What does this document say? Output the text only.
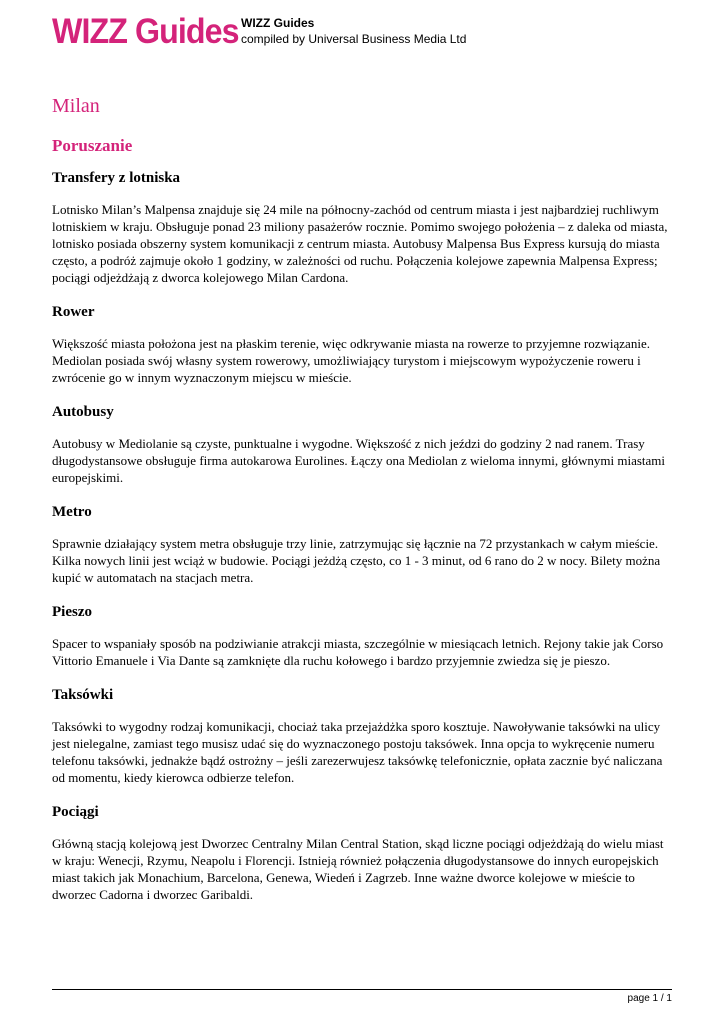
WIZZ Guides WIZZ Guides
compiled by Universal Business Media Ltd
Milan
Poruszanie
Transfery z lotniska

Lotnisko Milan’s Malpensa znajduje się 24 mile na północny-zachód od centrum miasta i jest najbardziej ruchliwym lotniskiem w kraju. Obsługuje ponad 23 miliony pasażerów rocznie. Pomimo swojego położenia – z daleka od miasta, lotnisko posiada obszerny system komunikacji z centrum miasta. Autobusy Malpensa Bus Express kursują do miasta często, a podróż zajmuje około 1 godziny, w zależności od ruchu. Połączenia kolejowe zapewnia Malpensa Express; pociągi odjeżdżają z dworca kolejowego Milan Cardona.

Rower

Większość miasta położona jest na płaskim terenie, więc odkrywanie miasta na rowerze to przyjemne rozwiązanie. Mediolan posiada swój własny system rowerowy, umożliwiający turystom i miejscowym wypożyczenie roweru i zwrócenie go w innym wyznaczonym miejscu w mieście.

Autobusy

Autobusy w Mediolanie są czyste, punktualne i wygodne. Większość z nich jeździ do godziny 2 nad ranem. Trasy długodystansowe obsługuje firma autokarowa Eurolines. Łączy ona Mediolan z wieloma innymi, głównymi miastami europejskimi.

Metro

Sprawnie działający system metra obsługuje trzy linie, zatrzymując się łącznie na 72 przystankach w całym mieście. Kilka nowych linii jest wciąż w budowie. Pociągi jeżdżą często, co 1 - 3 minut, od 6 rano do 2 w nocy. Bilety można kupić w automatach na stacjach metra.

Pieszo

Spacer to wspaniały sposób na podziwianie atrakcji miasta, szczególnie w miesiącach letnich. Rejony takie jak Corso Vittorio Emanuele i Via Dante są zamknięte dla ruchu kołowego i bardzo przyjemnie zwiedza się je pieszo.

Taksówki

Taksówki to wygodny rodzaj komunikacji, chociaż taka przejażdżka sporo kosztuje. Nawoływanie taksówki na ulicy jest nielegalne, zamiast tego musisz udać się do wyznaczonego postoju taksówek. Inna opcja to wykręcenie numeru telefonu taksówki, jednakże bądź ostrożny – jeśli zarezerwujesz taksówkę telefonicznie, opłata zacznie być naliczana od momentu, kiedy kierowca odbierze telefon.

Pociągi

Główną stacją kolejową jest Dworzec Centralny Milan Central Station, skąd liczne pociągi odjeżdżają do wielu miast w kraju: Wenecji, Rzymu, Neapolu i Florencji. Istnieją również połączenia długodystansowe do innych europejskich miast takich jak Monachium, Barcelona, Genewa, Wiedeń i Zagrzeb. Inne ważne dworce kolejowe w mieście to dworzec Cadorna i dworzec Garibaldi.

page 1 / 1
